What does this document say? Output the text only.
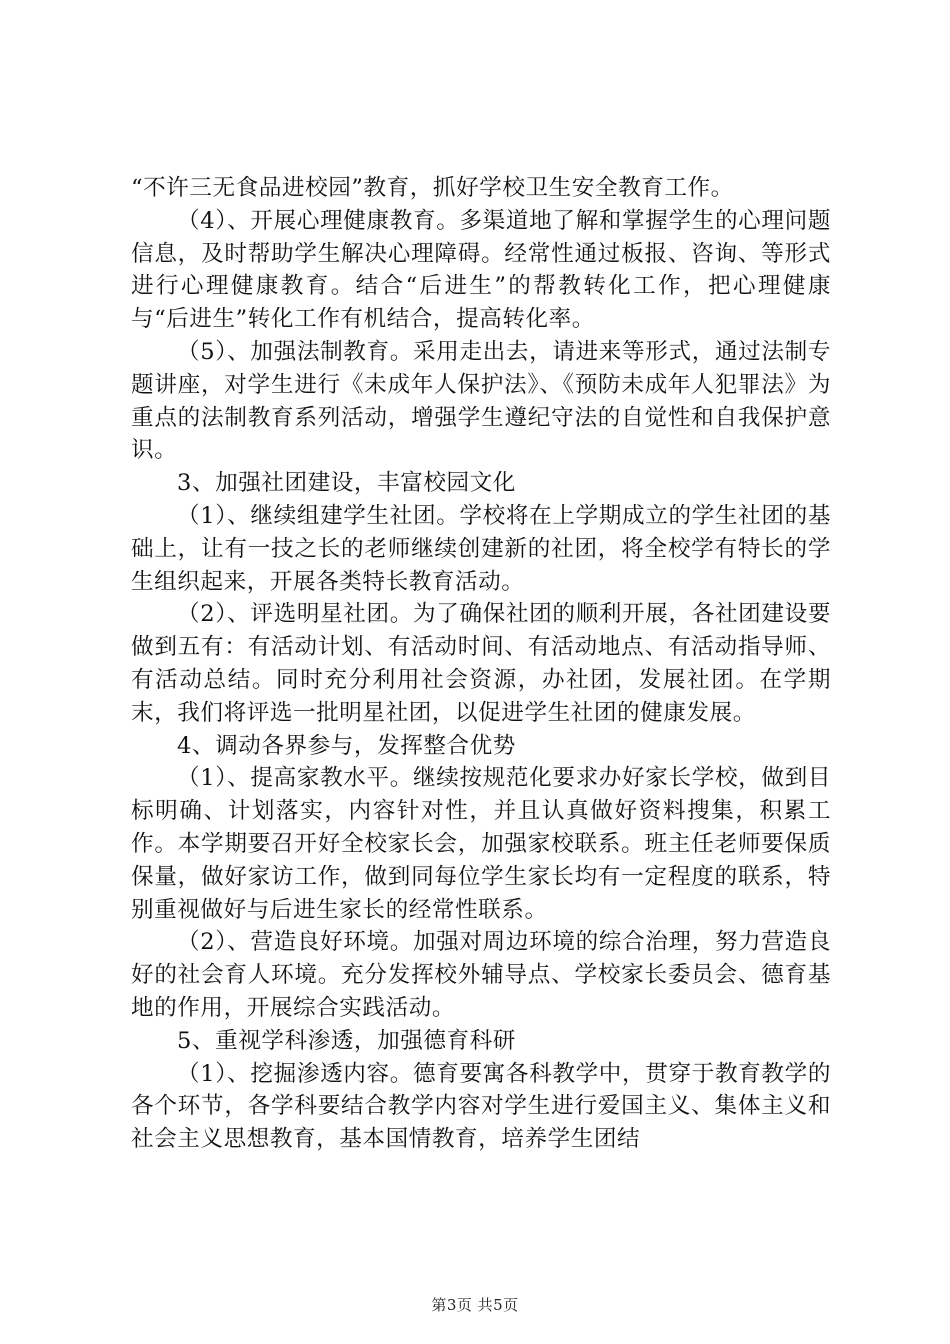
“不许三无食品进校园”教育，抓好学校卫生安全教育工作。

（4）、开展心理健康教育。多渠道地了解和掌握学生的心理问题信息，及时帮助学生解决心理障碍。经常性通过板报、咨询、等形式进行心理健康教育。结合“后进生”的帮教转化工作，把心理健康与“后进生”转化工作有机结合，提高转化率。

（5）、加强法制教育。采用走出去，请进来等形式，通过法制专题讲座，对学生进行《未成年人保护法》、《预防未成年人犯罪法》为重点的法制教育系列活动，增强学生遵纪守法的自觉性和自我保护意识。

3、加强社团建设，丰富校园文化

（1）、继续组建学生社团。学校将在上学期成立的学生社团的基础上，让有一技之长的老师继续创建新的社团，将全校学有特长的学生组织起来，开展各类特长教育活动。

（2）、评选明星社团。为了确保社团的顺利开展，各社团建设要做到五有：有活动计划、有活动时间、有活动地点、有活动指导师、有活动总结。同时充分利用社会资源，办社团，发展社团。在学期末，我们将评选一批明星社团，以促进学生社团的健康发展。

4、调动各界参与，发挥整合优势

（1）、提高家教水平。继续按规范化要求办好家长学校，做到目标明确、计划落实，内容针对性，并且认真做好资料搜集，积累工作。本学期要召开好全校家长会，加强家校联系。班主任老师要保质保量，做好家访工作，做到同每位学生家长均有一定程度的联系，特别重视做好与后进生家长的经常性联系。

（2）、营造良好环境。加强对周边环境的综合治理，努力营造良好的社会育人环境。充分发挥校外辅导点、学校家长委员会、德育基地的作用，开展综合实践活动。

5、重视学科渗透，加强德育科研

（1）、挖掘渗透内容。德育要寓各科教学中，贯穿于教育教学的各个环节，各学科要结合教学内容对学生进行爱国主义、集体主义和社会主义思想教育，基本国情教育，培养学生团结

第3页 共5页
